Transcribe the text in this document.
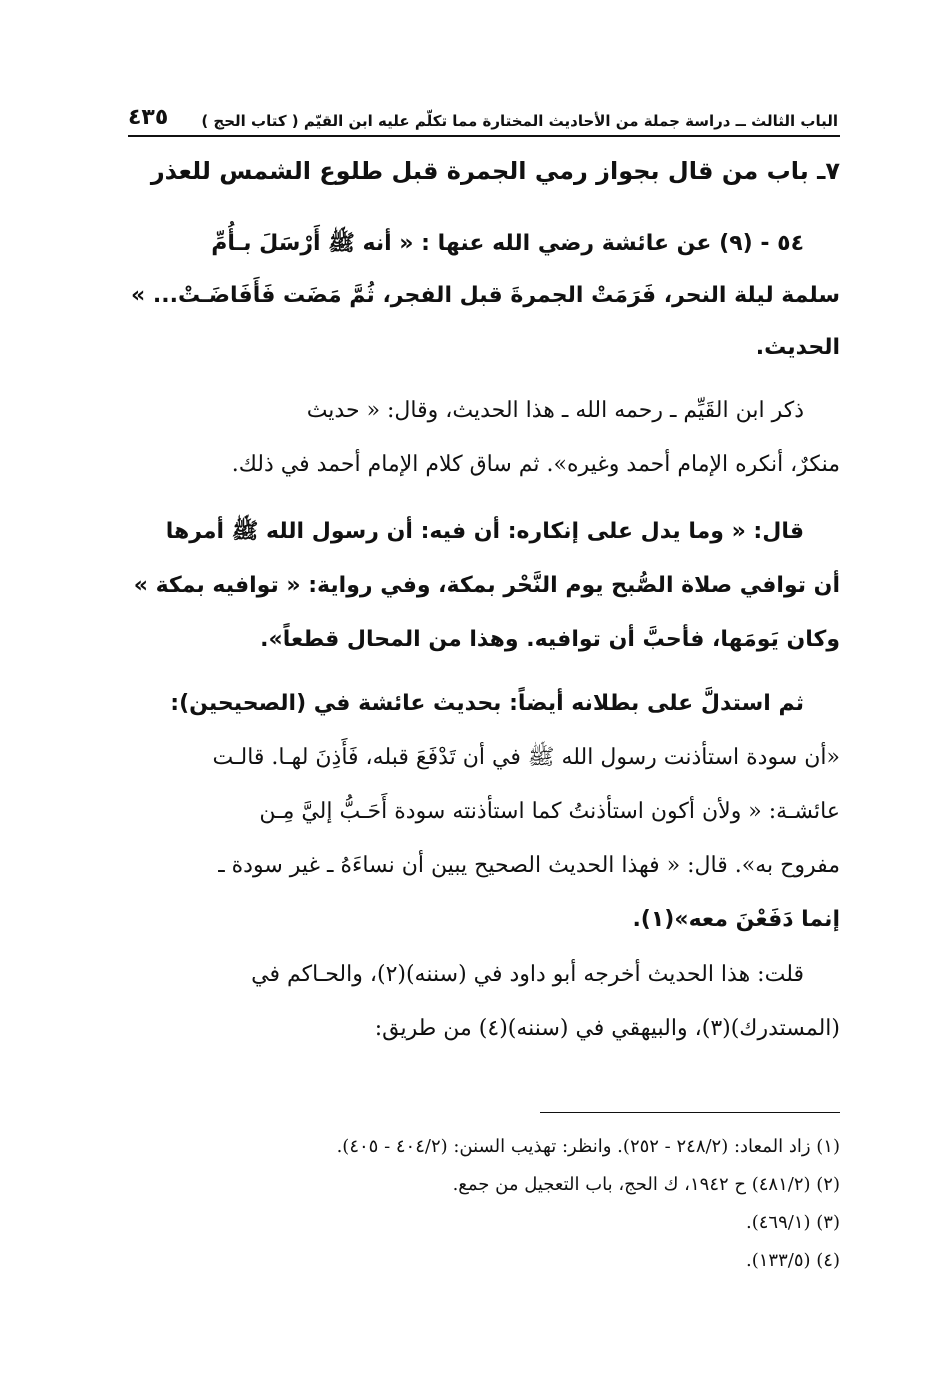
الباب الثالث ــ دراسة جملة من الأحاديث المختارة مما تكلّم عليه ابن القيّم ( كتاب الحج )
٤٣٥
٧ـ باب من قال بجواز رمي الجمرة قبل طلوع الشمس للعذر
٥٤ - (٩) عن عائشة رضي الله عنها : « أنه ﷺ أَرْسَلَ بـأُمِّ
سلمة ليلة النحر، فَرَمَتْ الجمرةَ قبل الفجر، ثُمَّ مَضَت فَأَفَاضَـتْ... »
الحديث.
ذكر ابن القَيِّم ـ رحمه الله ـ هذا الحديث، وقال: « حديث
منكرٌ، أنكره الإمام أحمد وغيره». ثم ساق كلام الإمام أحمد في ذلك.
قال: « وما يدل على إنكاره: أن فيه: أن رسول الله ﷺ أمرها
أن توافي صلاة الصُّبح يوم النَّحْر بمكة، وفي رواية: « توافيه بمكة »
وكان يَومَها، فأحبَّ أن توافيه. وهذا من المحال قطعاً».
ثم استدلَّ على بطلانه أيضاً: بحديث عائشة في (الصحيحين):
«أن سودة استأذنت رسول الله ﷺ في أن تَدْفَعَ قبله، فَأَذِنَ لهـا. قالـت
عائشـة: « ولأن أكون استأذنتُ كما استأذنته سودة أَحَـبُّ إليَّ مِـن
مفروح به». قال: « فهذا الحديث الصحيح يبين أن نساءَهُ ـ غير سودة ـ
إنما دَفَعْنَ معه»(١).
قلت: هذا الحديث أخرجه أبو داود في (سننه)(٢)، والحـاكم في
(المستدرك)(٣)، والبيهقي في (سننه)(٤) من طريق:
(١) زاد المعاد: (٢٤٨/٢ - ٢٥٢). وانظر: تهذيب السنن: (٤٠٤/٢ - ٤٠٥).
(٢) (٤٨١/٢) ح ١٩٤٢، ك الحج، باب التعجيل من جمع.
(٣) (٤٦٩/١).
(٤) (١٣٣/٥).
